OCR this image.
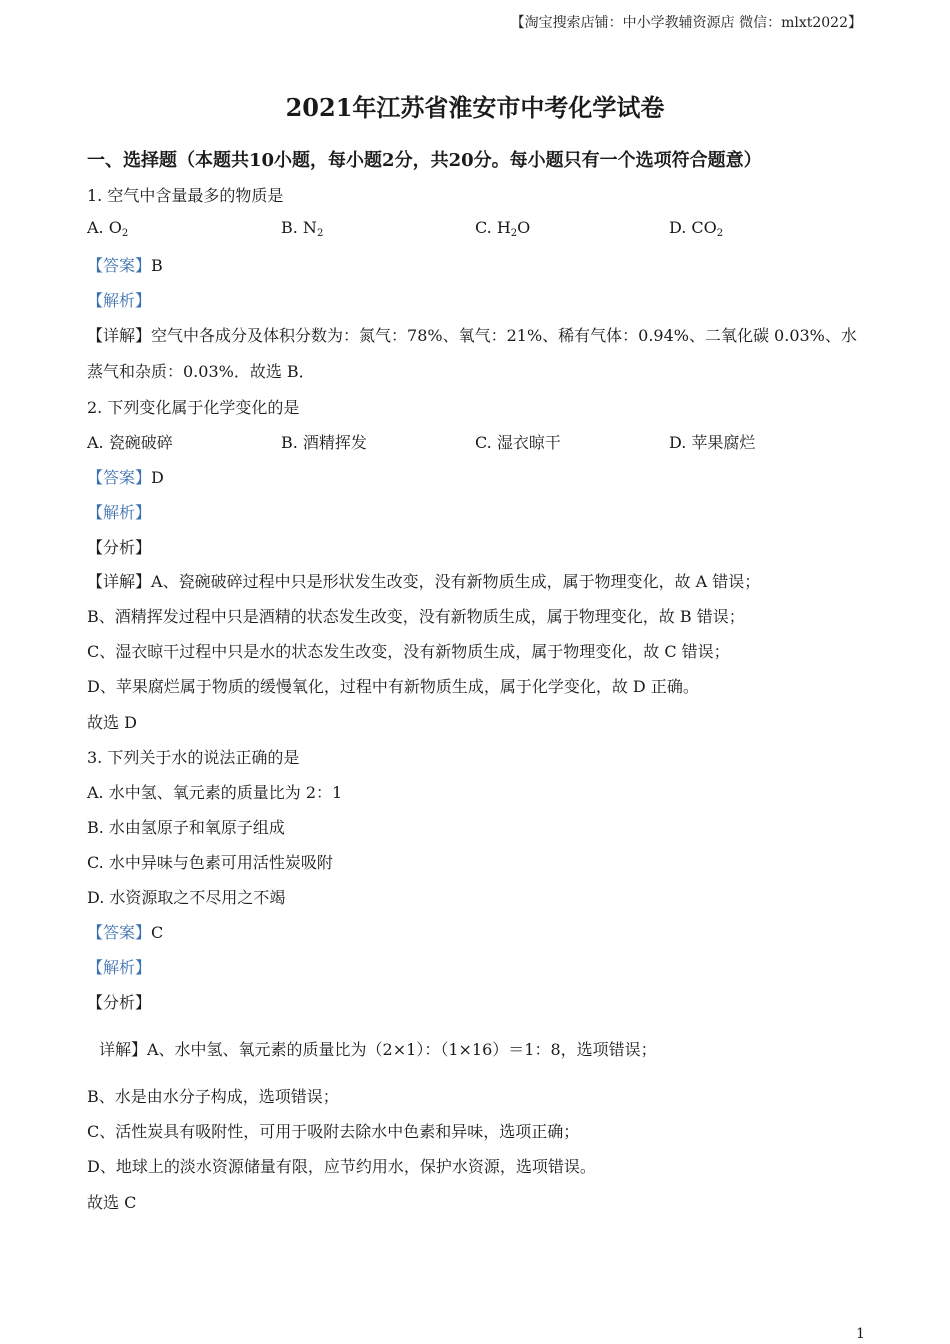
【淘宝搜索店铺：中小学教辅资源店 微信：mlxt2022】
2021年江苏省淮安市中考化学试卷
一、选择题（本题共10小题，每小题2分，共20分。每小题只有一个选项符合题意）
1. 空气中含量最多的物质是
A. $O_2$	B. $N_2$	C. $H_2O$	D. $CO_2$
【答案】B
【解析】
【详解】空气中各成分及体积分数为：氮气：78%、氧气：21%、稀有气体：0.94%、二氧化碳 0.03%、水
蒸气和杂质：0.03%．故选 B．
2. 下列变化属于化学变化的是
A. 瓷碗破碎	B. 酒精挥发	C. 湿衣晾干	D. 苹果腐烂
【答案】D
【解析】
【分析】
【详解】A、瓷碗破碎过程中只是形状发生改变，没有新物质生成，属于物理变化，故 A 错误；
B、酒精挥发过程中只是酒精的状态发生改变，没有新物质生成，属于物理变化，故 B 错误；
C、湿衣晾干过程中只是水的状态发生改变，没有新物质生成，属于物理变化，故 C 错误；
D、苹果腐烂属于物质的缓慢氧化，过程中有新物质生成，属于化学变化，故 D 正确。
故选 D
3. 下列关于水的说法正确的是
A. 水中氢、氧元素的质量比为 2：1
B. 水由氢原子和氧原子组成
C. 水中异味与色素可用活性炭吸附
D. 水资源取之不尽用之不竭
【答案】C
【解析】
【分析】
详解】A、水中氢、氧元素的质量比为（2×1）：（1×16）＝1：8，选项错误；
B、水是由水分子构成，选项错误；
C、活性炭具有吸附性，可用于吸附去除水中色素和异味，选项正确；
D、地球上的淡水资源储量有限，应节约用水，保护水资源，选项错误。
故选 C
1
